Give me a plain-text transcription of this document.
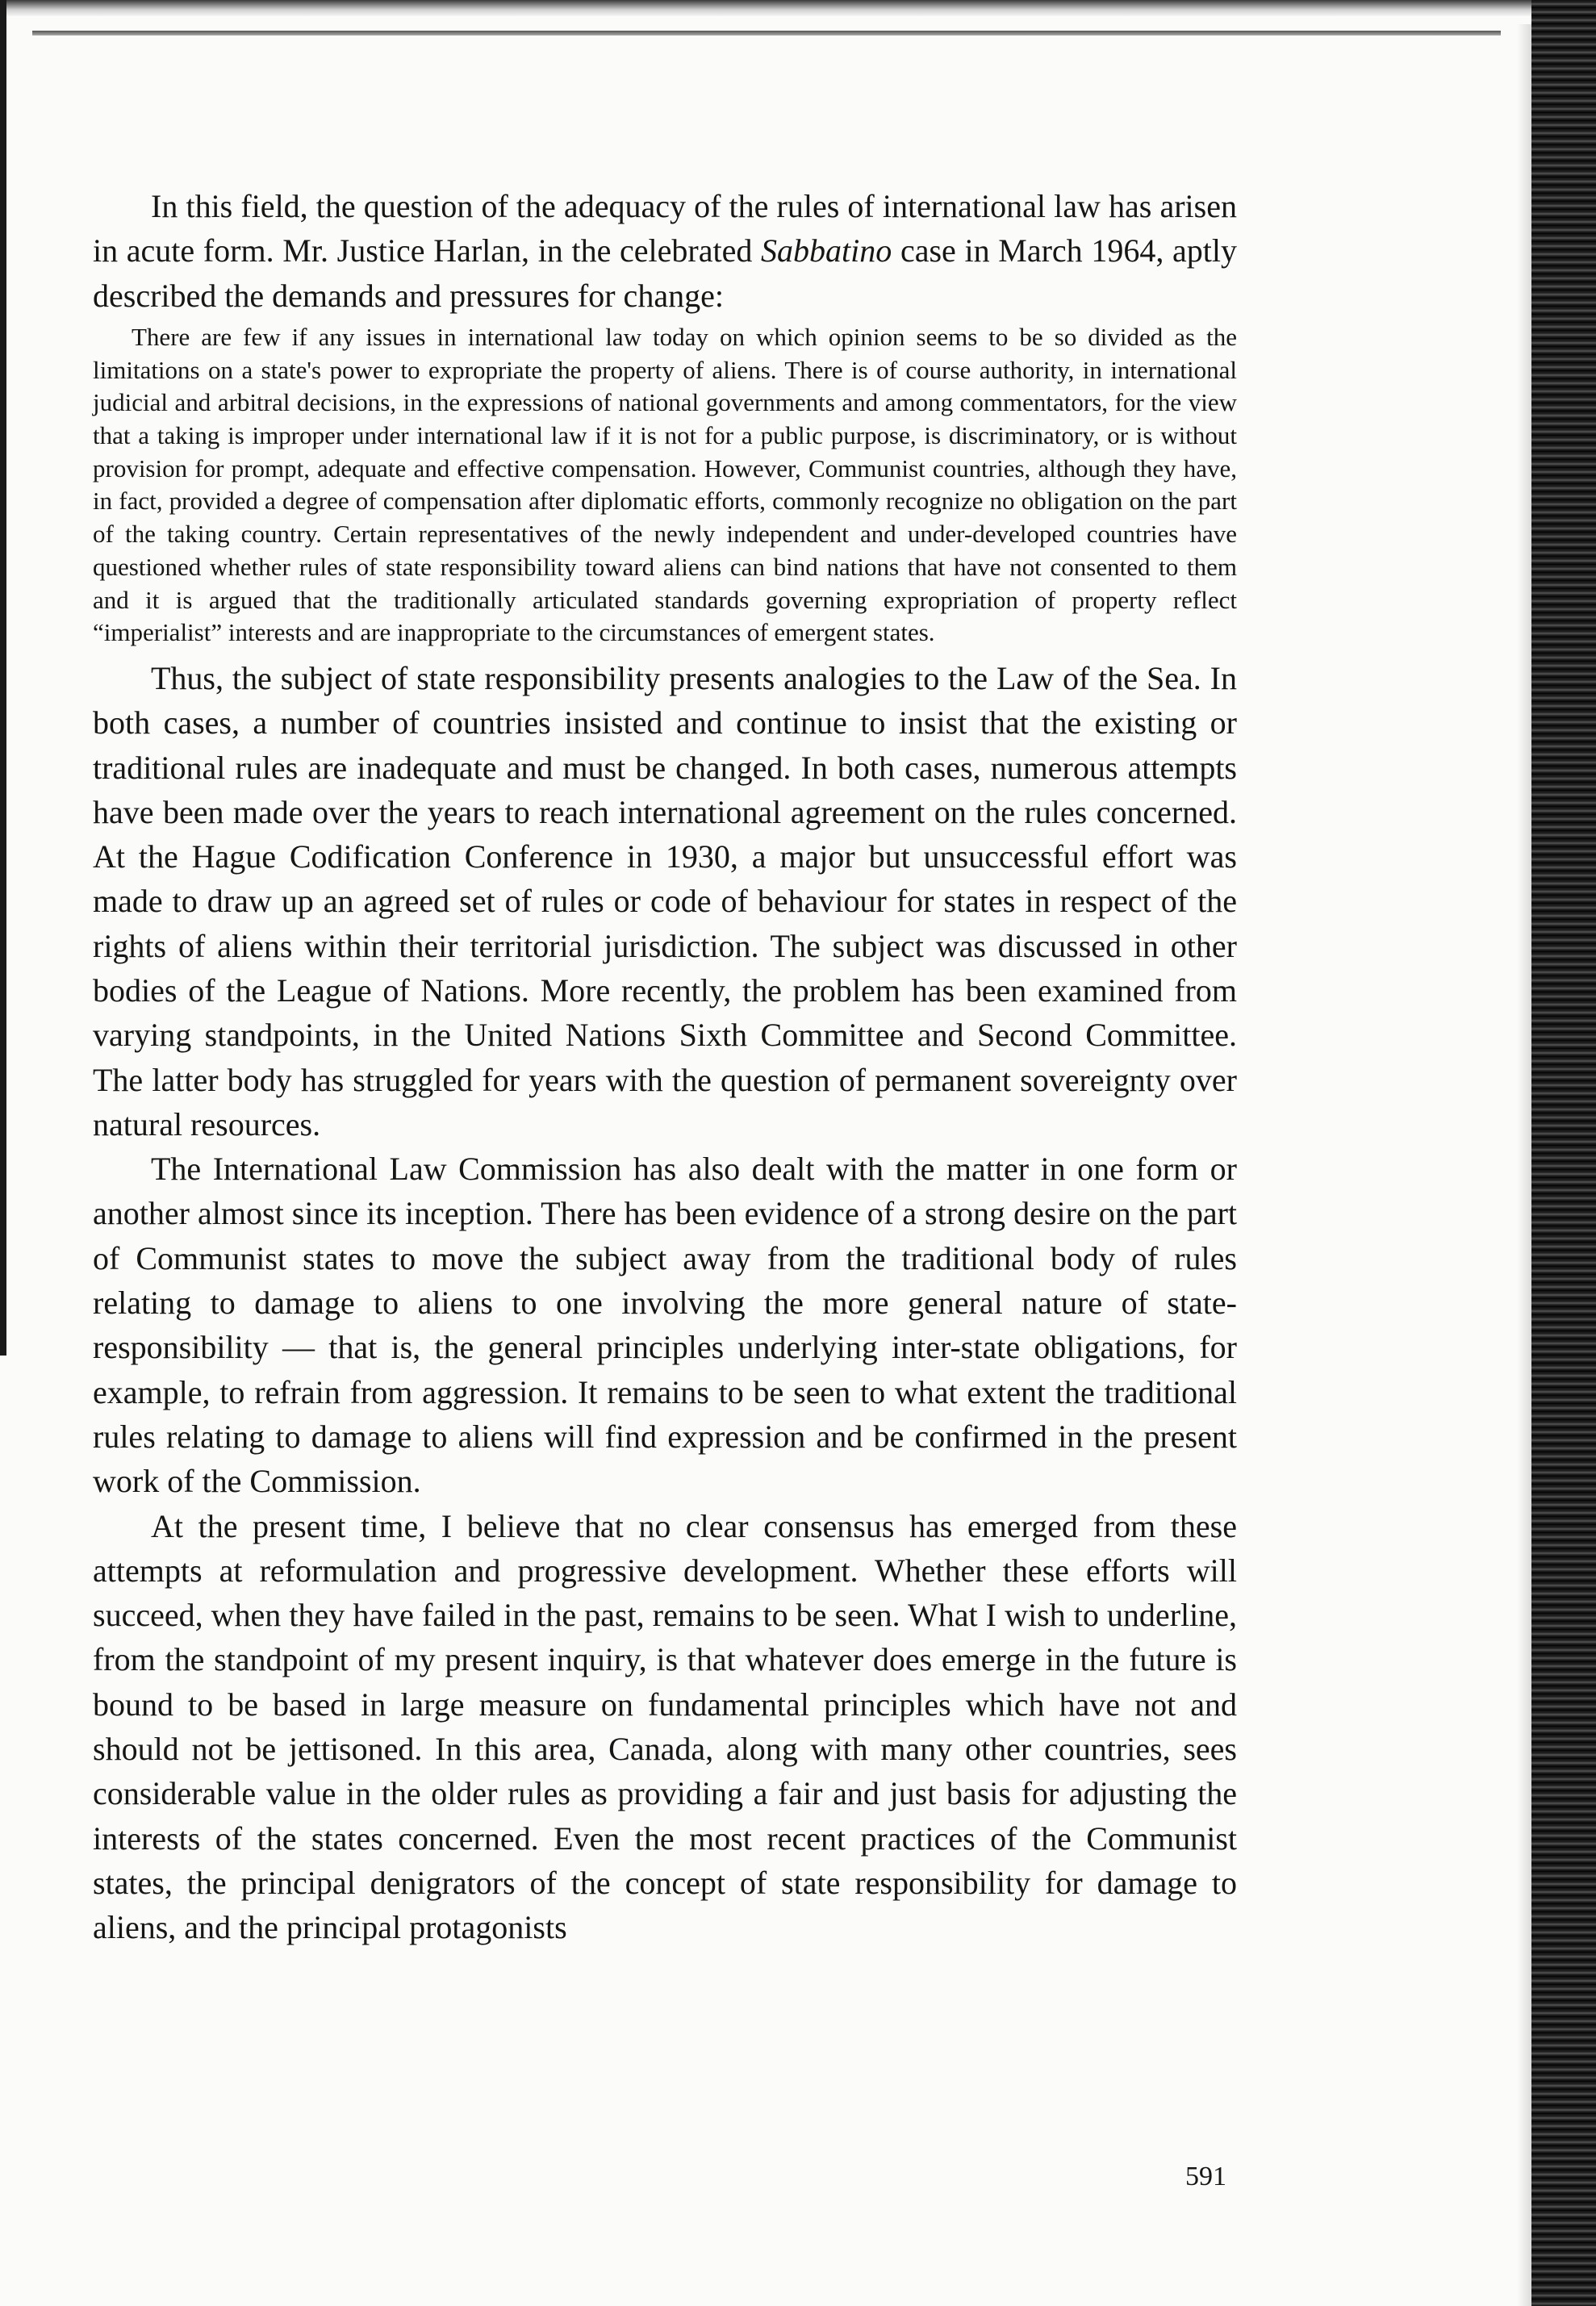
In this field, the question of the adequacy of the rules of international law has arisen in acute form. Mr. Justice Harlan, in the celebrated Sabbatino case in March 1964, aptly described the demands and pressures for change:

There are few if any issues in international law today on which opinion seems to be so divided as the limitations on a state's power to expropriate the property of aliens. There is of course authority, in international judicial and arbitral decisions, in the expressions of national governments and among commentators, for the view that a taking is improper under international law if it is not for a public purpose, is discriminatory, or is without provision for prompt, adequate and effective compensation. However, Communist countries, although they have, in fact, provided a degree of compensation after diplomatic efforts, commonly recognize no obligation on the part of the taking country. Certain representatives of the newly independent and under-developed countries have questioned whether rules of state responsibility toward aliens can bind nations that have not consented to them and it is argued that the traditionally articulated standards governing expropriation of property reflect “imperialist” interests and are inappropriate to the circumstances of emergent states.

Thus, the subject of state responsibility presents analogies to the Law of the Sea. In both cases, a number of countries insisted and continue to insist that the existing or traditional rules are inadequate and must be changed. In both cases, numerous attempts have been made over the years to reach international agreement on the rules concerned. At the Hague Codification Conference in 1930, a major but unsuccessful effort was made to draw up an agreed set of rules or code of behaviour for states in respect of the rights of aliens within their territorial jurisdiction. The subject was discussed in other bodies of the League of Nations. More recently, the problem has been examined from varying standpoints, in the United Nations Sixth Committee and Second Committee. The latter body has struggled for years with the question of permanent sovereignty over natural resources.

The International Law Commission has also dealt with the matter in one form or another almost since its inception. There has been evidence of a strong desire on the part of Communist states to move the subject away from the traditional body of rules relating to damage to aliens to one involving the more general nature of state-responsibility — that is, the general principles underlying inter-state obligations, for example, to refrain from aggression. It remains to be seen to what extent the traditional rules relating to damage to aliens will find expression and be confirmed in the present work of the Commission.

At the present time, I believe that no clear consensus has emerged from these attempts at reformulation and progressive development. Whether these efforts will succeed, when they have failed in the past, remains to be seen. What I wish to underline, from the standpoint of my present inquiry, is that whatever does emerge in the future is bound to be based in large measure on fundamental principles which have not and should not be jettisoned. In this area, Canada, along with many other countries, sees considerable value in the older rules as providing a fair and just basis for adjusting the interests of the states concerned. Even the most recent practices of the Communist states, the principal denigrators of the concept of state responsibility for damage to aliens, and the principal protagonists

591
